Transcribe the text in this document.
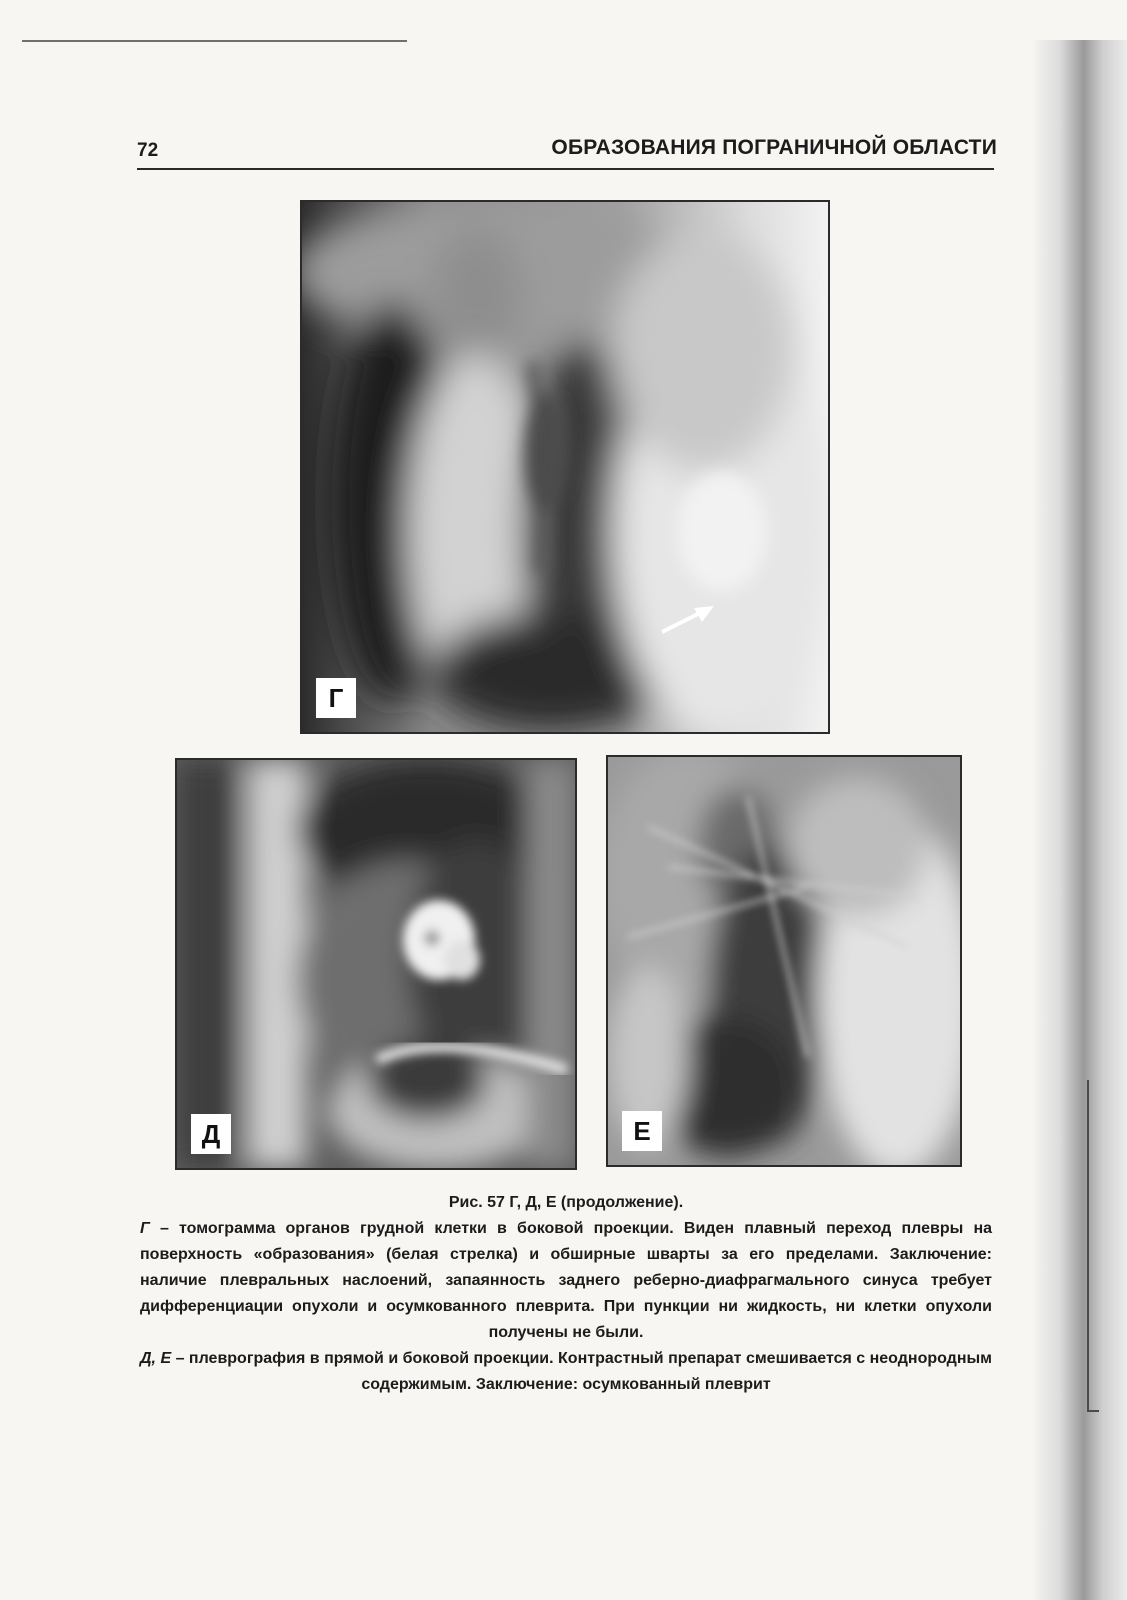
72	ОБРАЗОВАНИЯ ПОГРАНИЧНОЙ ОБЛАСТИ
Г
Д	Е

Рис. 57 Г, Д, Е (продолжение).

Г – томограмма органов грудной клетки в боковой проекции. Виден плавный переход плевры на поверхность «образования» (белая стрелка) и обширные шварты за его пределами. Заключение: наличие плевральных наслоений, запаянность заднего реберно-диафрагмального синуса требует дифференциации опухоли и осумкованного плеврита. При пункции ни жидкость, ни клетки опухоли получены не были.

Д, Е – плеврография в прямой и боковой проекции. Контрастный препарат смешивается с неоднородным содержимым. Заключение: осумкованный плеврит
